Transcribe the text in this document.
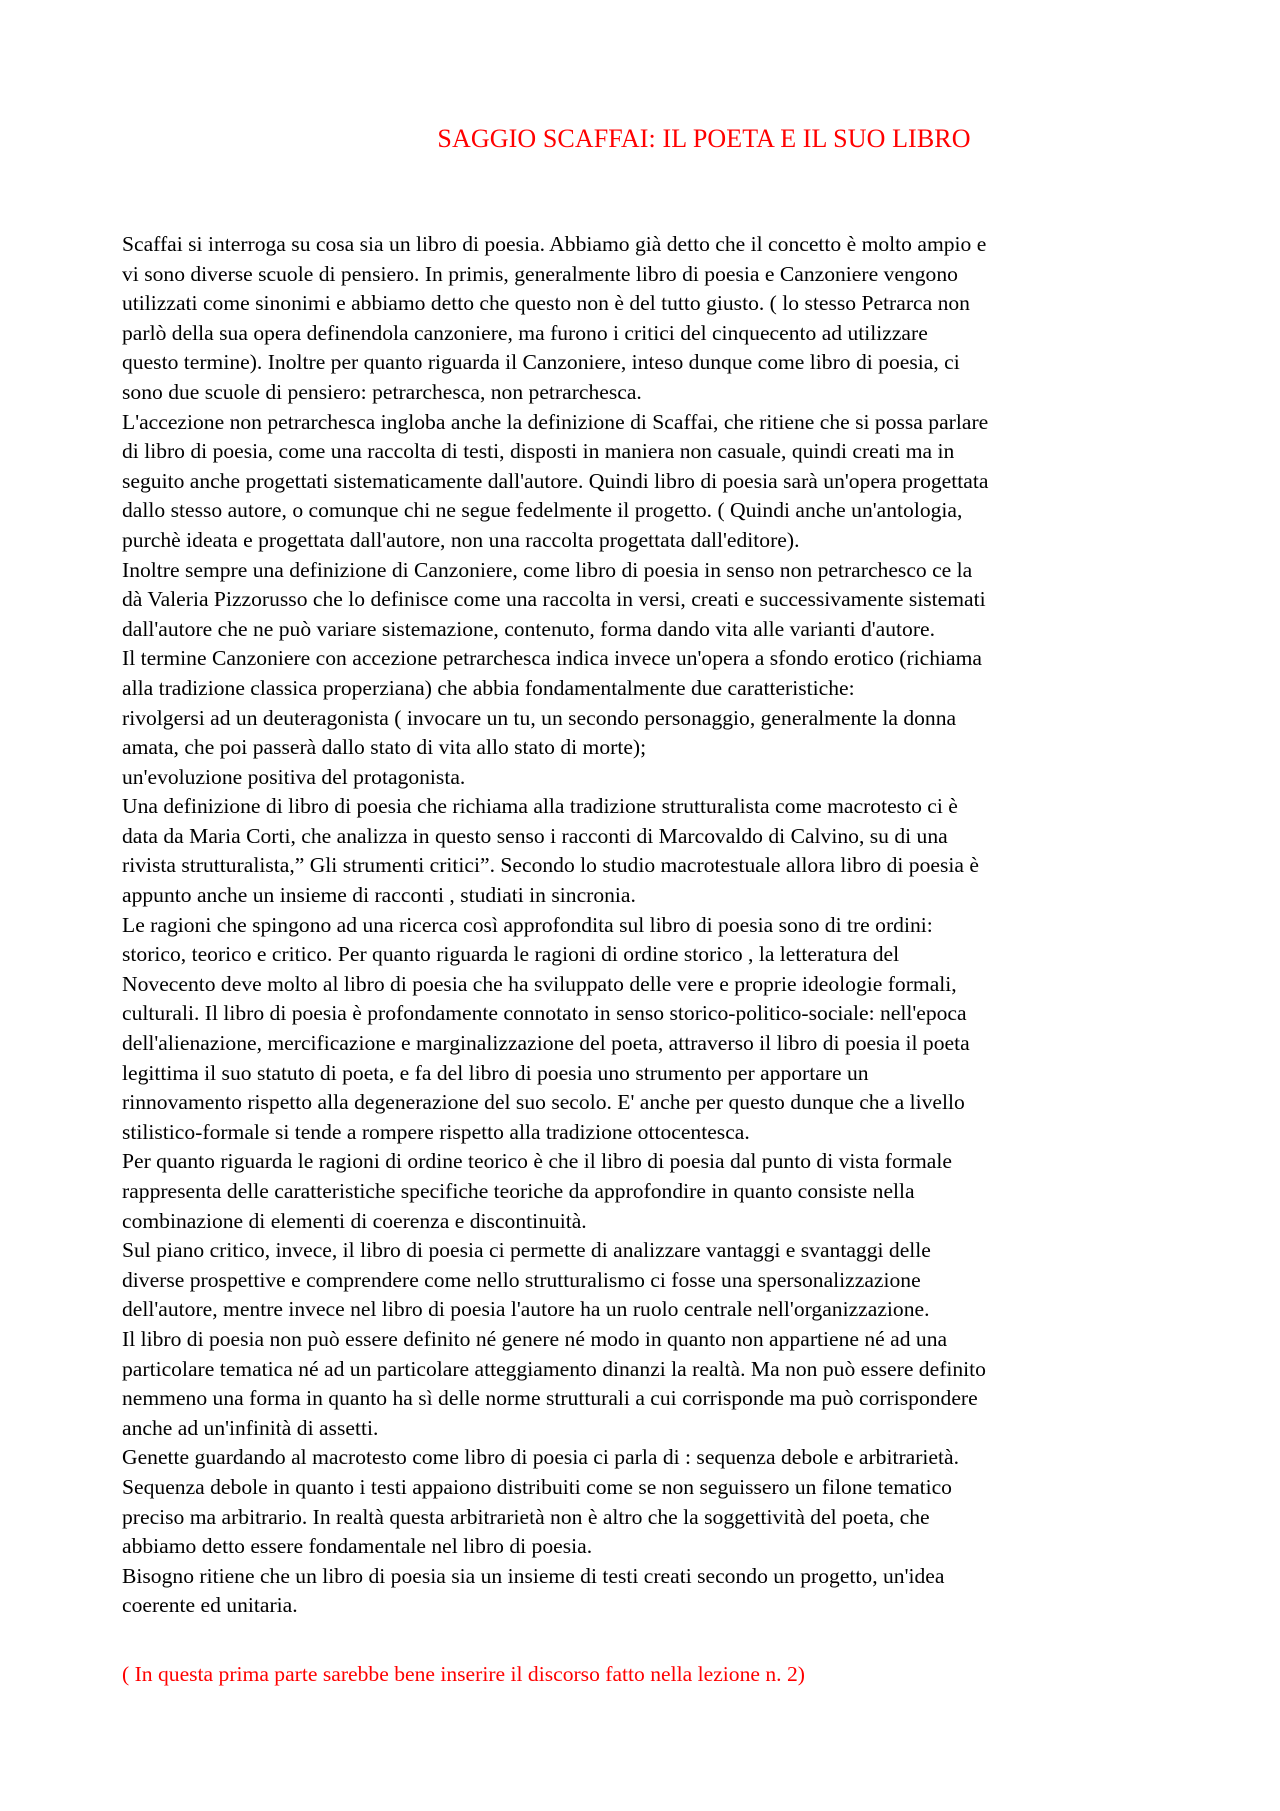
SAGGIO SCAFFAI: IL POETA E IL SUO LIBRO

Scaffai si interroga su cosa sia un libro di poesia. Abbiamo già detto che il concetto è molto ampio e

vi sono diverse scuole di pensiero. In primis, generalmente libro di poesia e Canzoniere vengono

utilizzati come sinonimi e abbiamo detto che questo non è del tutto giusto. ( lo stesso Petrarca non

parlò della sua opera definendola canzoniere, ma furono i critici del cinquecento ad utilizzare

questo termine). Inoltre per quanto riguarda il Canzoniere, inteso dunque come libro di poesia, ci

sono due scuole di pensiero: petrarchesca, non petrarchesca.

L'accezione non petrarchesca ingloba anche la definizione di Scaffai, che ritiene che si possa parlare

di libro di poesia, come una raccolta di testi, disposti in maniera non casuale, quindi creati ma in

seguito anche progettati sistematicamente dall'autore. Quindi libro di poesia sarà un'opera progettata

dallo stesso autore, o comunque chi ne segue fedelmente il progetto. ( Quindi anche un'antologia,

purchè ideata e progettata dall'autore, non una raccolta progettata dall'editore).

Inoltre sempre una definizione di Canzoniere, come libro di poesia in senso non petrarchesco ce la

dà Valeria Pizzorusso che lo definisce come una raccolta in versi, creati e successivamente sistemati

dall'autore che ne può variare sistemazione, contenuto, forma dando vita alle varianti d'autore.

Il termine Canzoniere con accezione petrarchesca indica invece un'opera a sfondo erotico (richiama

alla tradizione classica properziana) che abbia fondamentalmente due caratteristiche:

rivolgersi ad un deuteragonista ( invocare un tu, un secondo personaggio, generalmente la donna

amata, che poi passerà dallo stato di vita allo stato di morte);

un'evoluzione positiva del protagonista.

Una definizione di libro di poesia che richiama alla tradizione strutturalista come macrotesto ci è

data da Maria Corti, che analizza in questo senso i racconti di Marcovaldo di Calvino, su di una

rivista strutturalista,” Gli strumenti critici”. Secondo lo studio macrotestuale allora libro di poesia è

appunto anche un insieme di racconti , studiati in sincronia.

Le ragioni che spingono ad una ricerca così approfondita sul libro di poesia sono di tre ordini:

storico, teorico e critico. Per quanto riguarda le ragioni di ordine storico , la letteratura del

Novecento deve molto al libro di poesia che ha sviluppato delle vere e proprie ideologie formali,

culturali. Il libro di poesia è profondamente connotato in senso storico-politico-sociale: nell'epoca

dell'alienazione, mercificazione e marginalizzazione del poeta, attraverso il libro di poesia il poeta

legittima il suo statuto di poeta, e fa del libro di poesia uno strumento per apportare un

rinnovamento rispetto alla degenerazione del suo secolo. E' anche per questo dunque che a livello

stilistico-formale si tende a rompere rispetto alla tradizione ottocentesca.

Per quanto riguarda le ragioni di ordine teorico è che il libro di poesia dal punto di vista formale

rappresenta delle caratteristiche specifiche teoriche da approfondire in quanto consiste nella

combinazione di elementi di coerenza e discontinuità.

Sul piano critico, invece, il libro di poesia ci permette di analizzare vantaggi e svantaggi delle

diverse prospettive e comprendere come nello strutturalismo ci fosse una spersonalizzazione

dell'autore, mentre invece nel libro di poesia l'autore ha un ruolo centrale nell'organizzazione.

Il libro di poesia non può essere definito né genere né modo in quanto non appartiene né ad una

particolare tematica né ad un particolare atteggiamento dinanzi la realtà. Ma non può essere definito

nemmeno una forma in quanto ha sì delle norme strutturali a cui corrisponde ma può corrispondere

anche ad un'infinità di assetti.

Genette guardando al macrotesto come libro di poesia ci parla di : sequenza debole e arbitrarietà.

Sequenza debole in quanto i testi appaiono distribuiti come se non seguissero un filone tematico

preciso ma arbitrario. In realtà questa arbitrarietà non è altro che la soggettività del poeta, che

abbiamo detto essere fondamentale nel libro di poesia.

Bisogno ritiene che un libro di poesia sia un insieme di testi creati secondo un progetto, un'idea

coerente ed unitaria.

( In questa prima parte sarebbe bene inserire il discorso fatto nella lezione n. 2)
